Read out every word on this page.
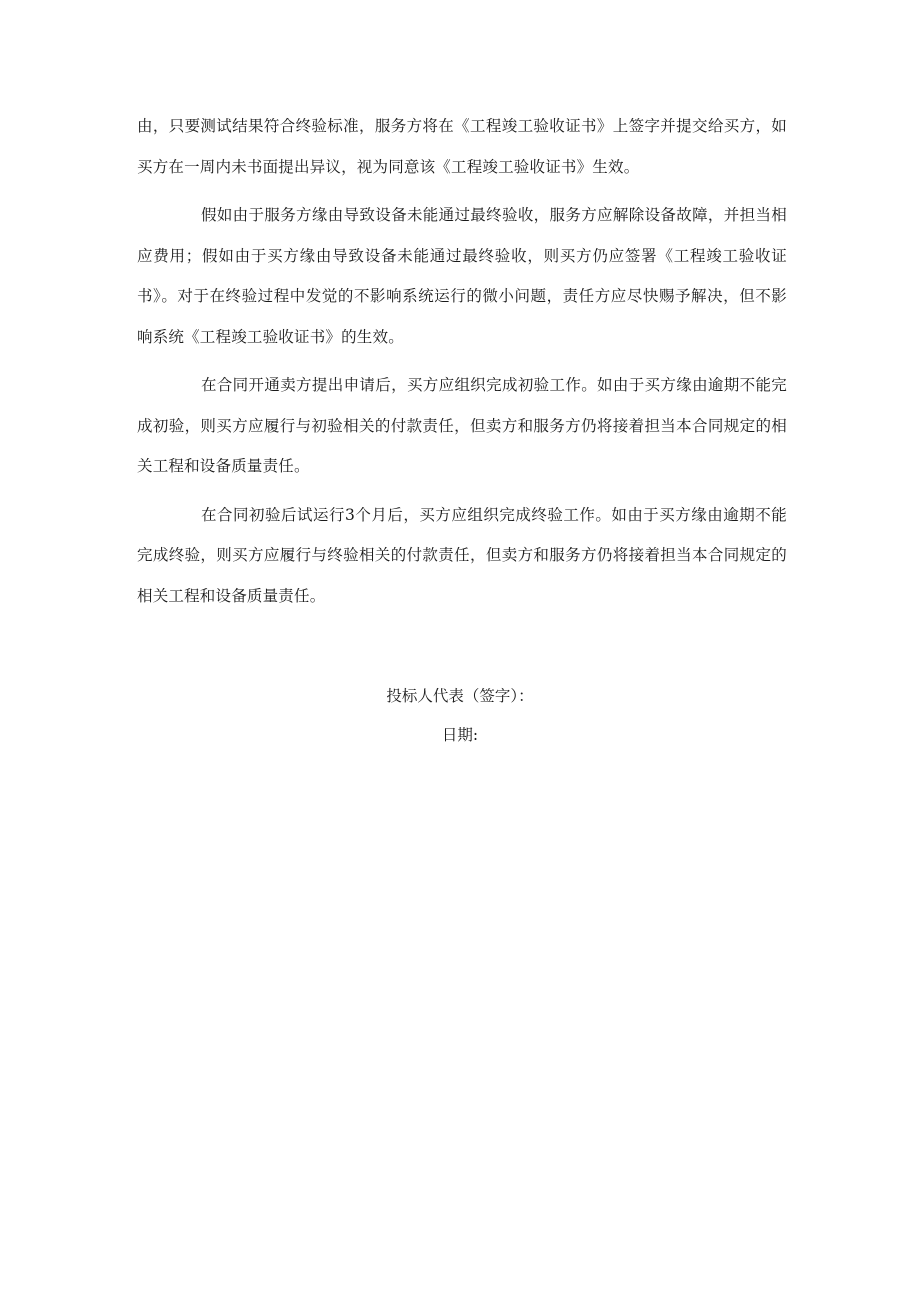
由，只要测试结果符合终验标准，服务方将在《工程竣工验收证书》上签字并提交给买方，如买方在一周内未书面提出异议，视为同意该《工程竣工验收证书》生效。

假如由于服务方缘由导致设备未能通过最终验收，服务方应解除设备故障，并担当相应费用；假如由于买方缘由导致设备未能通过最终验收，则买方仍应签署《工程竣工验收证书》。对于在终验过程中发觉的不影响系统运行的微小问题，责任方应尽快赐予解决，但不影响系统《工程竣工验收证书》的生效。

在合同开通卖方提出申请后，买方应组织完成初验工作。如由于买方缘由逾期不能完成初验，则买方应履行与初验相关的付款责任，但卖方和服务方仍将接着担当本合同规定的相关工程和设备质量责任。

在合同初验后试运行3个月后，买方应组织完成终验工作。如由于买方缘由逾期不能完成终验，则买方应履行与终验相关的付款责任，但卖方和服务方仍将接着担当本合同规定的相关工程和设备质量责任。

投标人代表（签字）：

日期:
